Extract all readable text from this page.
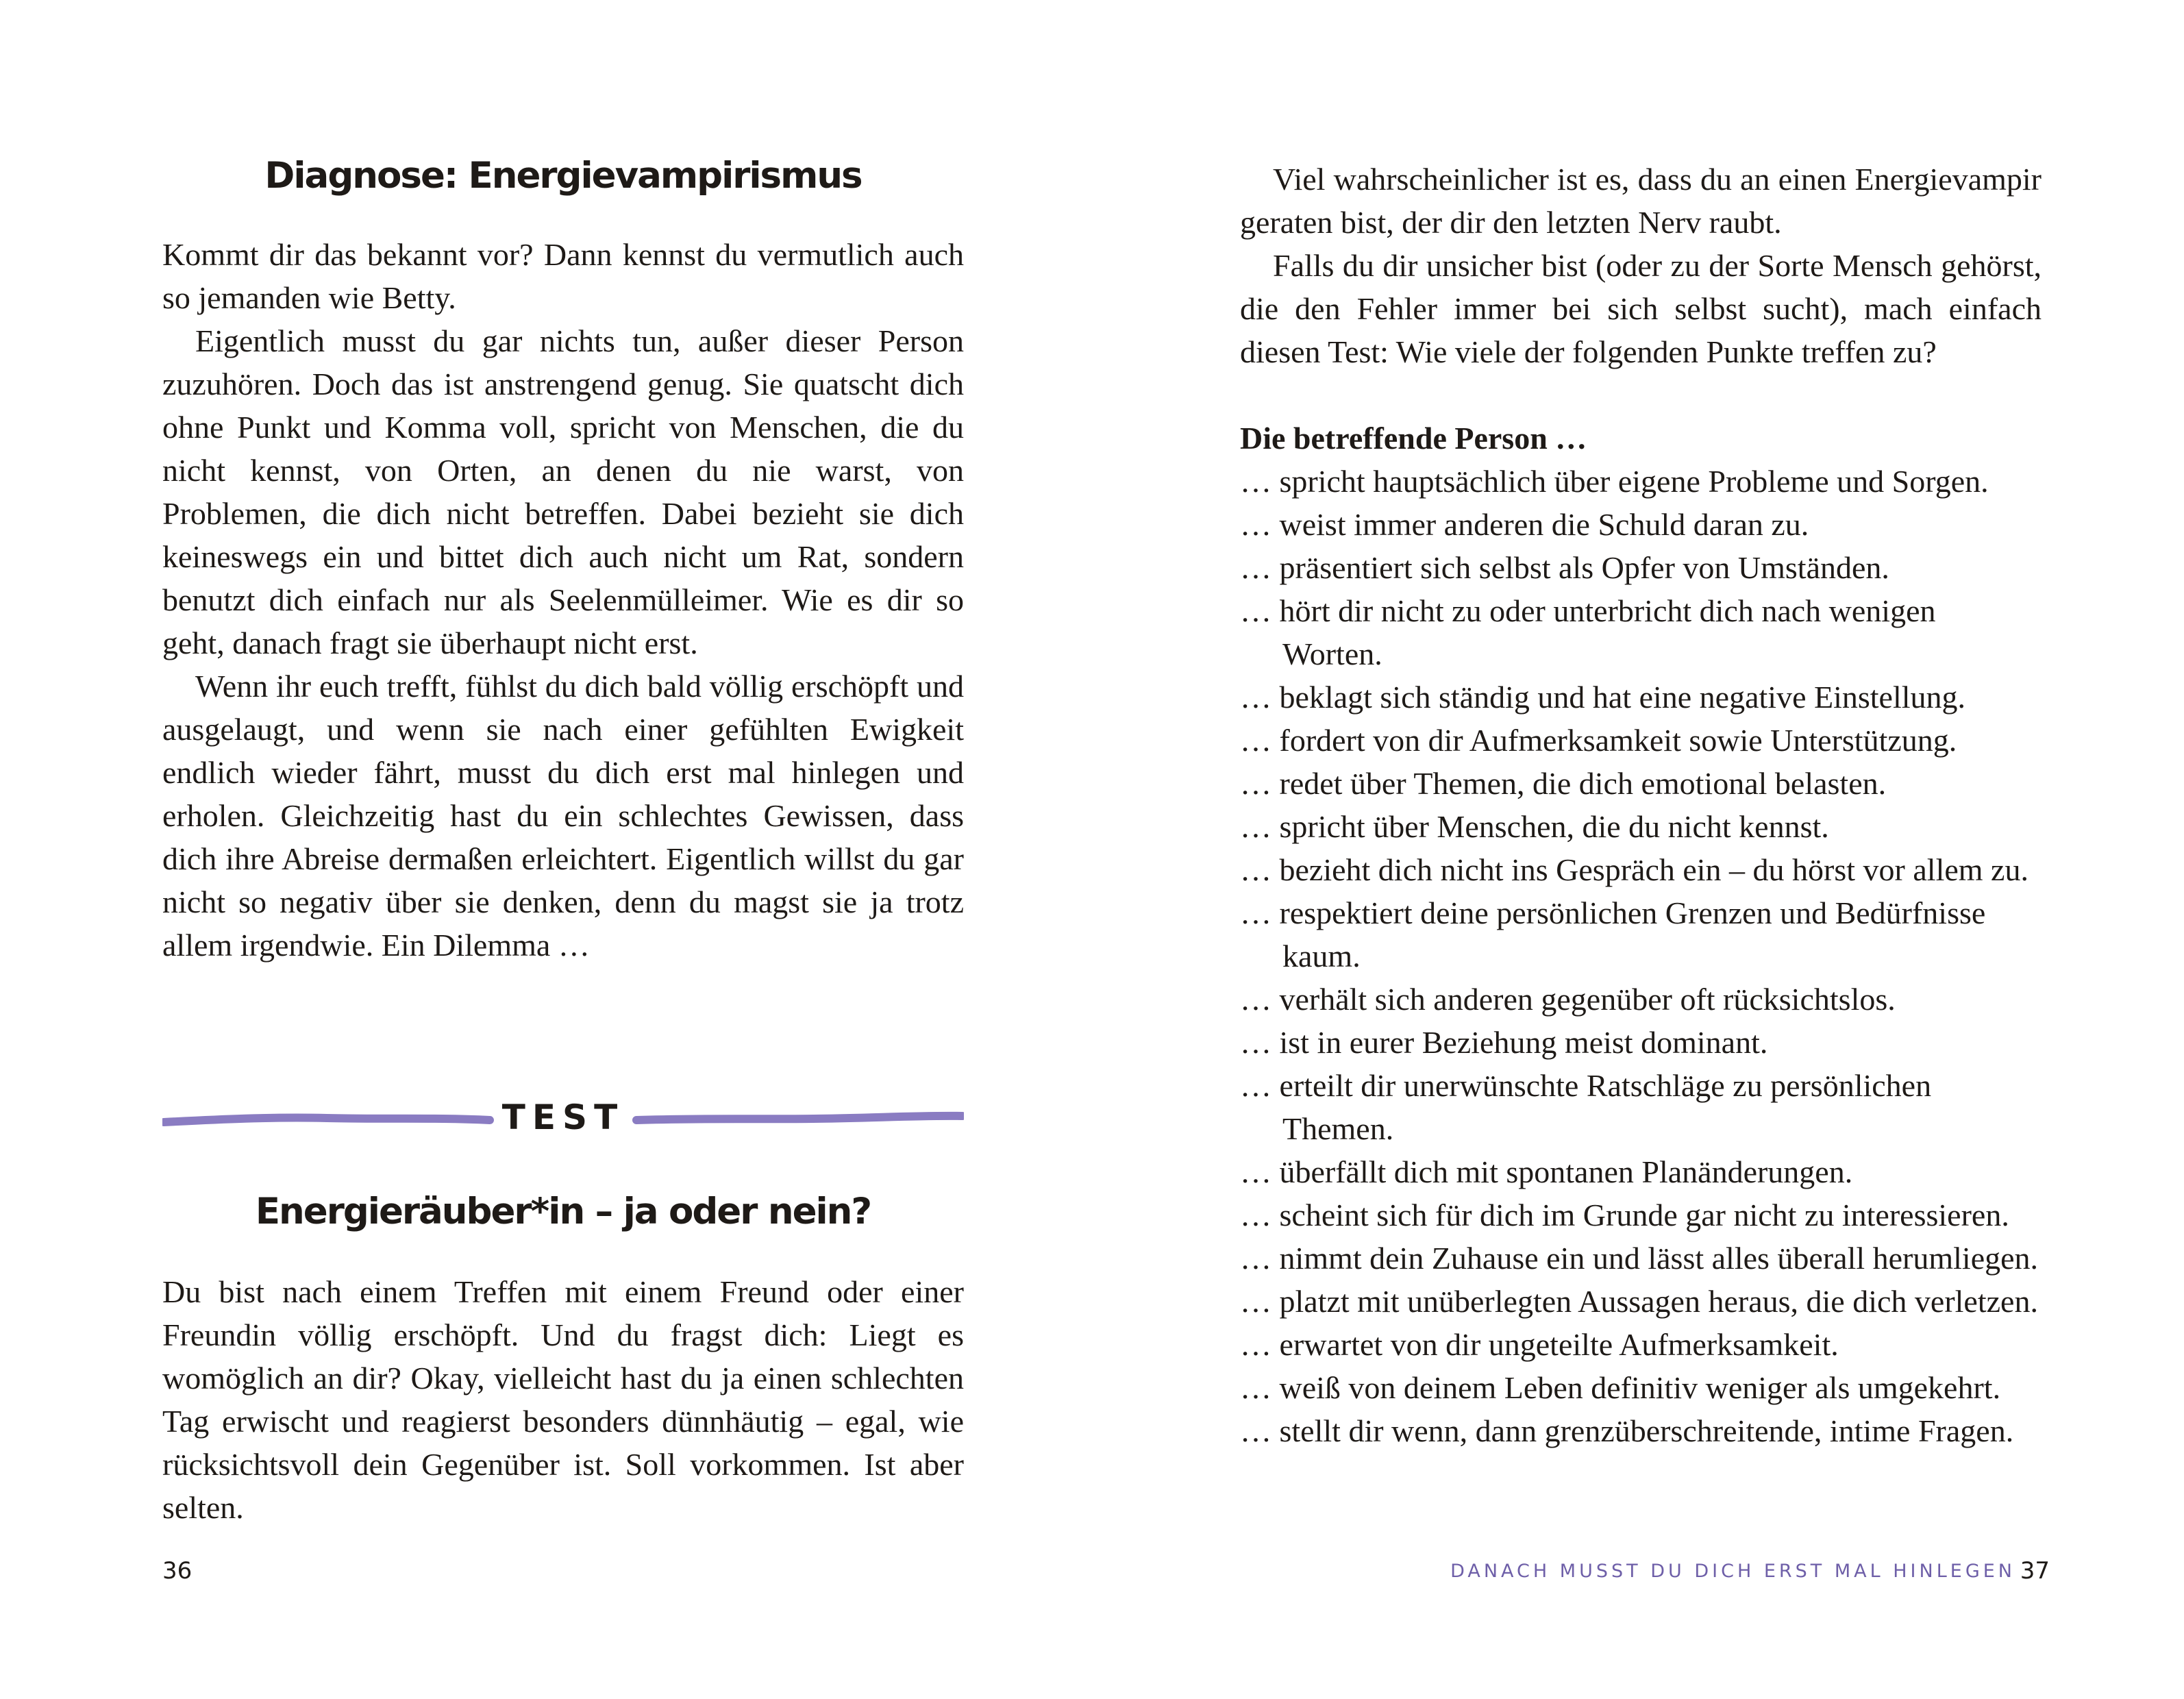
Diagnose: Energievampirismus

Kommt dir das bekannt vor? Dann kennst du vermutlich auch so jemanden wie Betty.

Eigentlich musst du gar nichts tun, außer dieser Person zuzuhören. Doch das ist anstrengend genug. Sie quatscht dich ohne Punkt und Komma voll, spricht von Menschen, die du nicht kennst, von Orten, an denen du nie warst, von Problemen, die dich nicht betreffen. Dabei bezieht sie dich keineswegs ein und bittet dich auch nicht um Rat, sondern benutzt dich einfach nur als Seelenmülleimer. Wie es dir so geht, danach fragt sie überhaupt nicht erst.

Wenn ihr euch trefft, fühlst du dich bald völlig erschöpft und ausgelaugt, und wenn sie nach einer gefühlten Ewigkeit endlich wieder fährt, musst du dich erst mal hinlegen und erholen. Gleichzeitig hast du ein schlechtes Gewissen, dass dich ihre Abreise dermaßen erleichtert. Eigentlich willst du gar nicht so negativ über sie denken, denn du magst sie ja trotz allem irgendwie. Ein Dilemma …

TEST
Energieräuber*in – ja oder nein?

Du bist nach einem Treffen mit einem Freund oder einer Freundin völlig erschöpft. Und du fragst dich: Liegt es womöglich an dir? Okay, vielleicht hast du ja einen schlechten Tag erwischt und reagierst besonders dünnhäutig – egal, wie rücksichtsvoll dein Gegenüber ist. Soll vorkommen. Ist aber selten.

36

Viel wahrscheinlicher ist es, dass du an einen Energievampir geraten bist, der dir den letzten Nerv raubt.

Falls du dir unsicher bist (oder zu der Sorte Mensch gehörst, die den Fehler immer bei sich selbst sucht), mach einfach diesen Test: Wie viele der folgenden Punkte treffen zu?

Die betreffende Person …

… spricht hauptsächlich über eigene Probleme und Sorgen.

… weist immer anderen die Schuld daran zu.

… präsentiert sich selbst als Opfer von Umständen.

… hört dir nicht zu oder unterbricht dich nach wenigen Worten.

… beklagt sich ständig und hat eine negative Einstellung.

… fordert von dir Aufmerksamkeit sowie Unterstützung.

… redet über Themen, die dich emotional belasten.

… spricht über Menschen, die du nicht kennst.

… bezieht dich nicht ins Gespräch ein – du hörst vor allem zu.

… respektiert deine persönlichen Grenzen und Bedürfnisse kaum.

… verhält sich anderen gegenüber oft rücksichtslos.

… ist in eurer Beziehung meist dominant.

… erteilt dir unerwünschte Ratschläge zu persönlichen Themen.

… überfällt dich mit spontanen Planänderungen.

… scheint sich für dich im Grunde gar nicht zu interessieren.

… nimmt dein Zuhause ein und lässt alles überall herumliegen.

… platzt mit unüberlegten Aussagen heraus, die dich verletzen.

… erwartet von dir ungeteilte Aufmerksamkeit.

… weiß von deinem Leben definitiv weniger als umgekehrt.

… stellt dir wenn, dann grenzüberschreitende, intime Fragen.

DANACH MUSST DU DICH ERST MAL HINLEGEN 37
